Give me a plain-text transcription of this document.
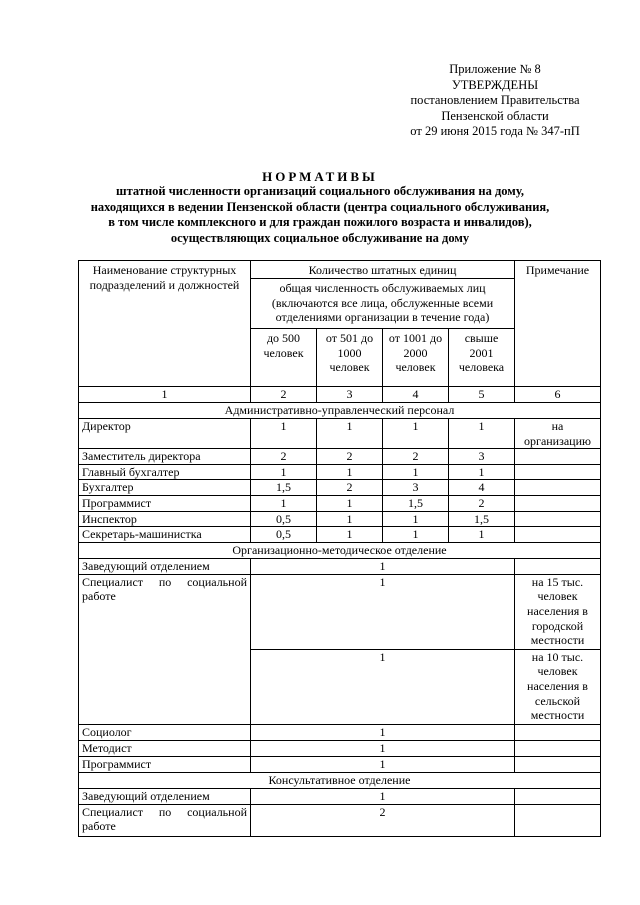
Приложение № 8
УТВЕРЖДЕНЫ
постановлением Правительства
Пензенской области
от 29 июня 2015 года № 347-пП
НОРМАТИВЫ
штатной численности организаций социального обслуживания на дому,
находящихся в ведении Пензенской области (центра социального обслуживания,
в том числе комплексного и для граждан пожилого возраста и инвалидов),
осуществляющих социальное обслуживание на дому
Наименование структурных подразделений и должностей	Количество штатных единиц				Примечание
	общая численность обслуживаемых лиц (включаются все лица, обслуженные всеми отделениями организации в течение года)				
	до 500 человек	от 501 до 1000 человек	от 1001 до 2000 человек	свыше 2001 человека	
1	2	3	4	5	6
Административно-управленческий персонал					
Директор	1	1	1	1	на организацию
Заместитель директора	2	2	2	3	
Главный бухгалтер	1	1	1	1	
Бухгалтер	1,5	2	3	4	
Программист	1	1	1,5	2	
Инспектор	0,5	1	1	1,5	
Секретарь-машинистка	0,5	1	1	1	
Организационно-методическое отделение					
Заведующий отделением	1				

Специалист по социальной
работе	1				на 15 тыс. человек населения в городской местности
	1				на 10 тыс. человек населения в сельской местности
Социолог	1				
Методист	1				
Программист	1				
Консультативное отделение					
Заведующий отделением	1				

Специалист по социальной
работе	2				
